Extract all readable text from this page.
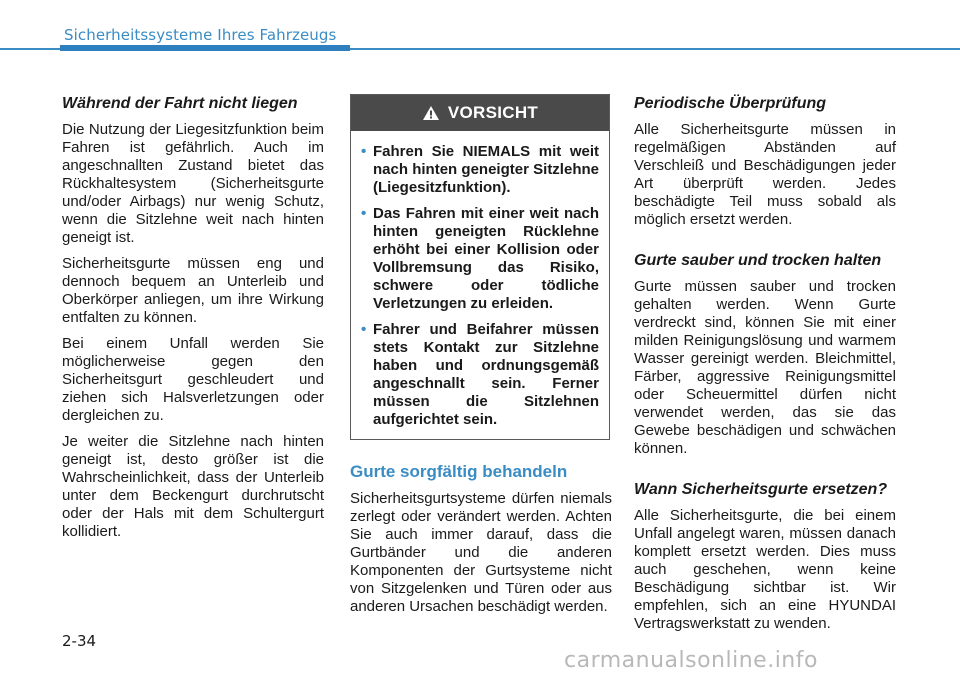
Sicherheitssysteme Ihres Fahrzeugs
Während der Fahrt nicht liegen

Die Nutzung der Liegesitzfunktion beim Fahren ist gefährlich. Auch im angeschnallten Zustand bietet das Rückhaltesystem (Sicherheitsgurte und/oder Airbags) nur wenig Schutz, wenn die Sitzlehne weit nach hinten geneigt ist.

Sicherheitsgurte müssen eng und dennoch bequem an Unterleib und Oberkörper anliegen, um ihre Wirkung entfalten zu können.

Bei einem Unfall werden Sie möglicherweise gegen den Sicherheitsgurt geschleudert und ziehen sich Halsverletzungen oder dergleichen zu.

Je weiter die Sitzlehne nach hinten geneigt ist, desto größer ist die Wahrscheinlichkeit, dass der Unterleib unter dem Beckengurt durchrutscht oder der Hals mit dem Schultergurt kollidiert.

VORSICHT
• Fahren Sie NIEMALS mit weit nach hinten geneigter Sitzlehne (Liegesitzfunktion).
• Das Fahren mit einer weit nach hinten geneigten Rücklehne erhöht bei einer Kollision oder Vollbremsung das Risiko, schwere oder tödliche Verletzungen zu erleiden.
• Fahrer und Beifahrer müssen stets Kontakt zur Sitzlehne haben und ordnungsgemäß angeschnallt sein. Ferner müssen die Sitzlehnen aufgerichtet sein.
Gurte sorgfältig behandeln

Sicherheitsgurtsysteme dürfen niemals zerlegt oder verändert werden. Achten Sie auch immer darauf, dass die Gurtbänder und die anderen Komponenten der Gurtsysteme nicht von Sitzgelenken und Türen oder aus anderen Ursachen beschädigt werden.

Periodische Überprüfung

Alle Sicherheitsgurte müssen in regelmäßigen Abständen auf Verschleiß und Beschädigungen jeder Art überprüft werden. Jedes beschädigte Teil muss sobald als möglich ersetzt werden.

Gurte sauber und trocken halten

Gurte müssen sauber und trocken gehalten werden. Wenn Gurte verdreckt sind, können Sie mit einer milden Reinigungslösung und warmem Wasser gereinigt werden. Bleichmittel, Färber, aggressive Reinigungsmittel oder Scheuermittel dürfen nicht verwendet werden, das sie das Gewebe beschädigen und schwächen können.

Wann Sicherheitsgurte ersetzen?

Alle Sicherheitsgurte, die bei einem Unfall angelegt waren, müssen danach komplett ersetzt werden. Dies muss auch geschehen, wenn keine Beschädigung sichtbar ist. Wir empfehlen, sich an eine HYUNDAI Vertragswerkstatt zu wenden.

2-34
carmanualsonline.info
